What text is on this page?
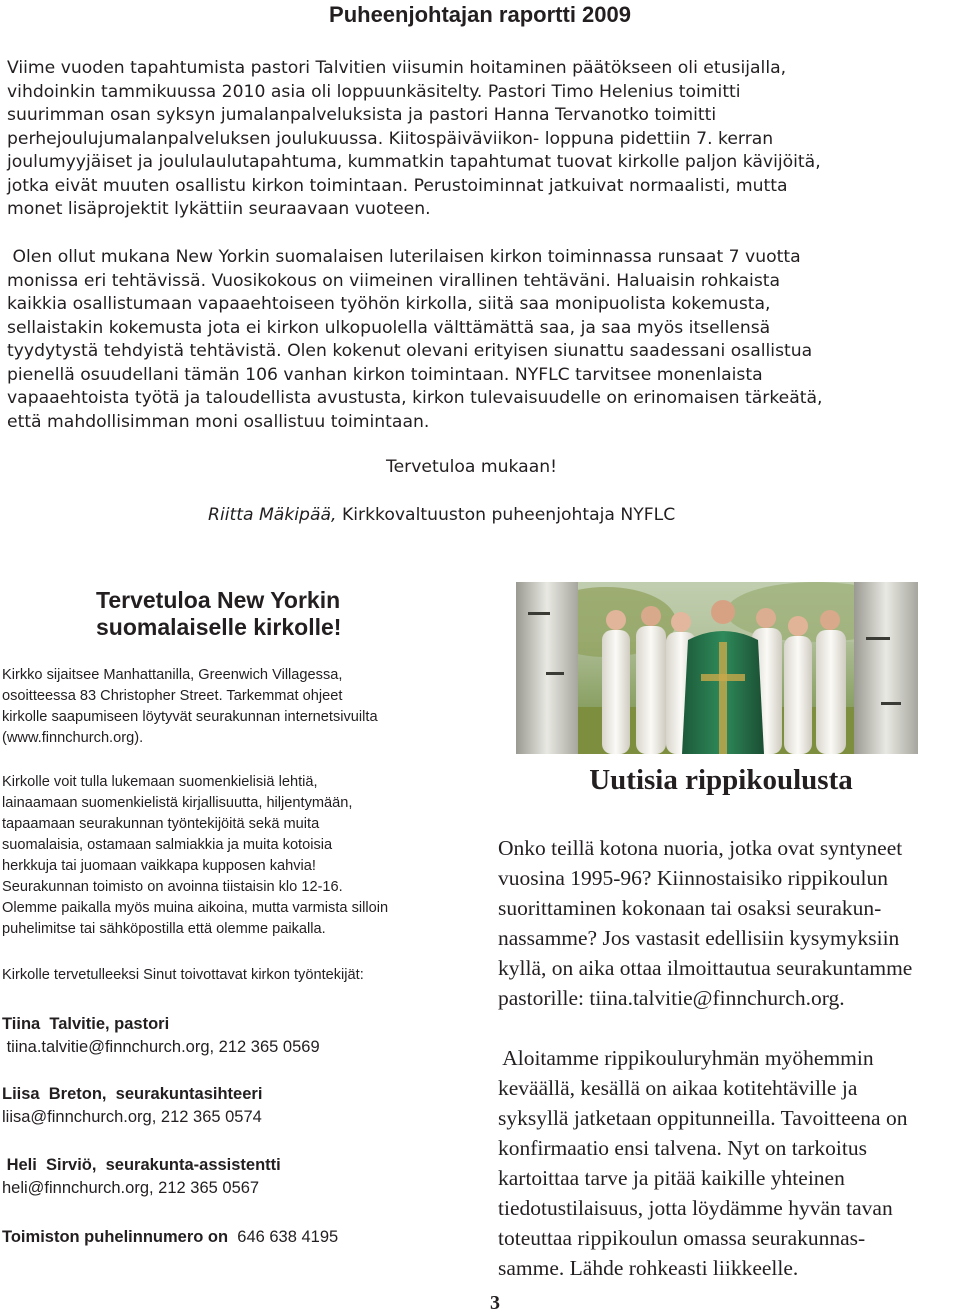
Puheenjohtajan raportti 2009
Viime vuoden tapahtumista pastori Talvitien viisumin hoitaminen päätökseen oli etusijalla,
vihdoinkin tammikuussa 2010 asia oli loppuunkäsitelty. Pastori Timo Helenius toimitti
suurimman osan syksyn jumalanpalveluksista ja pastori Hanna Tervanotko toimitti
perhejoulujumalanpalveluksen joulukuussa. Kiitospäiväviikon- loppuna pidettiin 7. kerran
joulumyyjäiset ja joululaulutapahtuma, kummatkin tapahtumat tuovat kirkolle paljon kävijöitä,
jotka eivät muuten osallistu kirkon toimintaan. Perustoiminnat jatkuivat normaalisti, mutta
monet lisäprojektit lykättiin seuraavaan vuoteen.
Olen ollut mukana New Yorkin suomalaisen luterilaisen kirkon toiminnassa runsaat 7 vuotta
monissa eri tehtävissä. Vuosikokous on viimeinen virallinen tehtäväni. Haluaisin rohkaista
kaikkia osallistumaan vapaaehtoiseen työhön kirkolla, siitä saa monipuolista kokemusta,
sellaistakin kokemusta jota ei kirkon ulkopuolella välttämättä saa, ja saa myös itsellensä
tyydytystä tehdyistä tehtävistä. Olen kokenut olevani erityisen siunattu saadessani osallistua
pienellä osuudellani tämän 106 vanhan kirkon toimintaan. NYFLC tarvitsee monenlaista
vapaaehtoista työtä ja taloudellista avustusta, kirkon tulevaisuudelle on erinomaisen tärkeätä,
että mahdollisimman moni osallistuu toimintaan.
Tervetuloa mukaan!
Riitta Mäkipää, Kirkkovaltuuston puheenjohtaja NYFLC
Tervetuloa New Yorkin
suomalaiselle kirkolle!
Kirkko sijaitsee Manhattanilla, Greenwich Villagessa,
osoitteessa 83 Christopher Street. Tarkemmat ohjeet
kirkolle saapumiseen löytyvät seurakunnan internetsivuilta
(www.finnchurch.org).
Kirkolle voit tulla lukemaan suomenkielisiä lehtiä,
lainaamaan suomenkielistä kirjallisuutta, hiljentymään,
tapaamaan seurakunnan työntekijöitä sekä muita
suomalaisia, ostamaan salmiakkia ja muita kotoisia
herkkuja tai juomaan vaikkapa kupposen kahvia!
Seurakunnan toimisto on avoinna tiistaisin klo 12-16.
Olemme paikalla myös muina aikoina, mutta varmista silloin
puhelimitse tai sähköpostilla että olemme paikalla.
Kirkolle tervetulleeksi Sinut toivottavat kirkon työntekijät:
Tiina  Talvitie, pastori
tiina.talvitie@finnchurch.org, 212 365 0569
Liisa  Breton,  seurakuntasihteeri
liisa@finnchurch.org, 212 365 0574
Heli  Sirviö,  seurakunta-assistentti
heli@finnchurch.org, 212 365 0567
Toimiston puhelinnumero on  646 638 4195
Uutisia rippikoulusta
Onko teillä kotona nuoria, jotka ovat syntyneet
vuosina 1995-96? Kiinnostaisiko rippikoulun
suorittaminen kokonaan tai osaksi seurakun-
nassamme? Jos vastasit edellisiin kysymyksiin
kyllä, on aika ottaa ilmoittautua seurakuntamme
pastorille: tiina.talvitie@finnchurch.org.
Aloitamme rippikouluryhmän myöhemmin
keväällä, kesällä on aikaa kotitehtäville ja
syksyllä jatketaan oppitunneilla. Tavoitteena on
konfirmaatio ensi talvena. Nyt on tarkoitus
kartoittaa tarve ja pitää kaikille yhteinen
tiedotustilaisuus, jotta löydämme hyvän tavan
toteuttaa rippikoulun omassa seurakunnas-
samme. Lähde rohkeasti liikkeelle.
3
